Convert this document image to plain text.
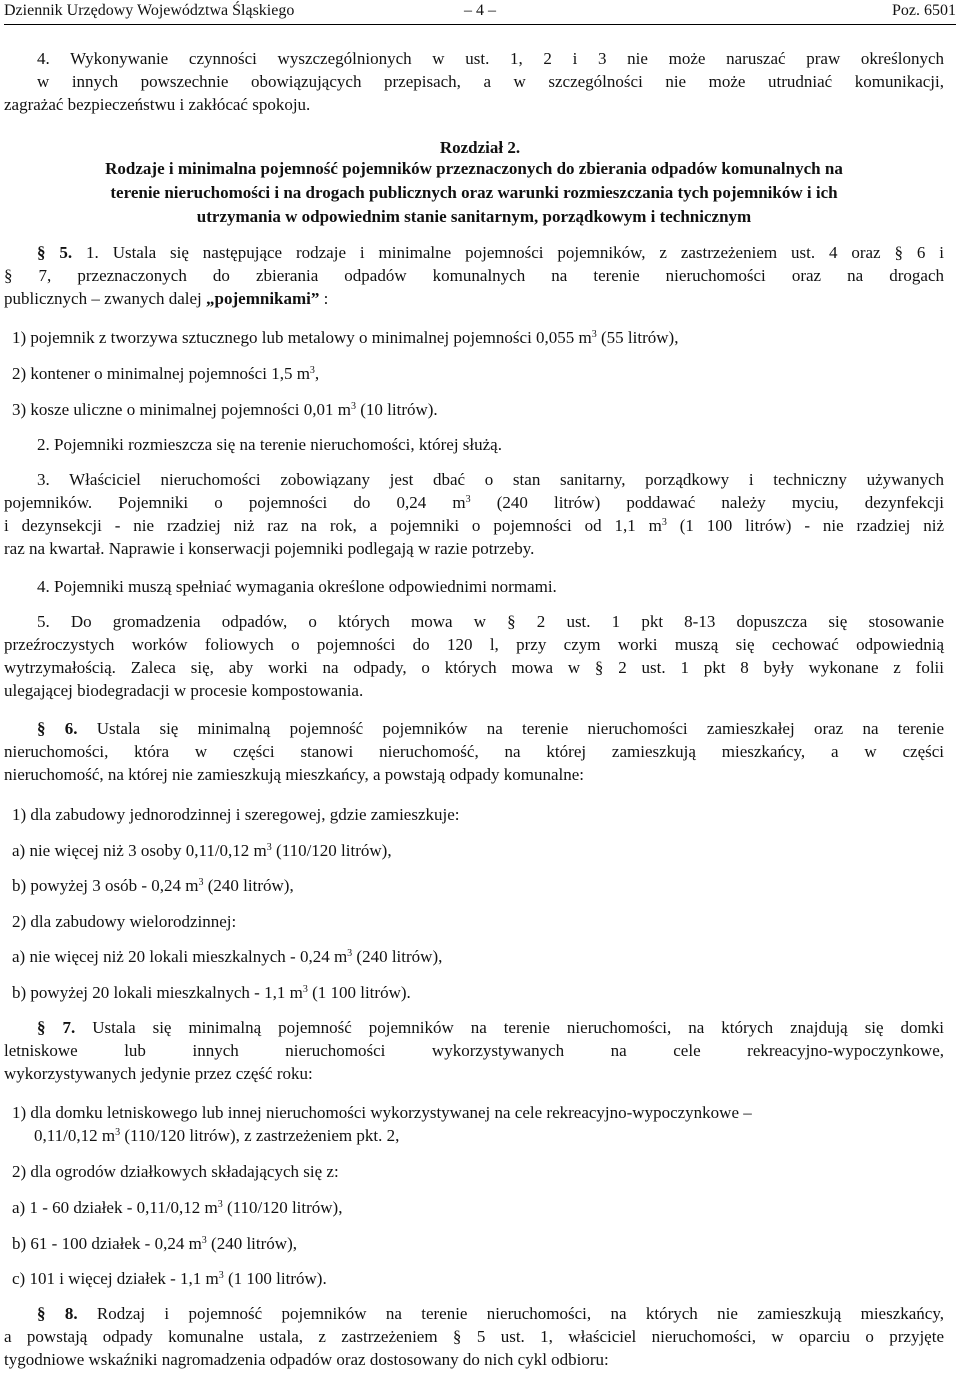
Dziennik Urzędowy Województwa Śląskiego	– 4 –	Poz. 6501
4. Wykonywanie czynności wyszczególnionych w ust. 1, 2 i 3 nie może naruszać praw określonych
w innych powszechnie obowiązujących przepisach, a w szczególności nie może utrudniać komunikacji,
zagrażać bezpieczeństwu i zakłócać spokoju.
Rozdział 2.
Rodzaje i minimalna pojemność pojemników przeznaczonych do zbierania odpadów komunalnych na
terenie nieruchomości i na drogach publicznych oraz warunki rozmieszczania tych pojemników i ich
utrzymania w odpowiednim stanie sanitarnym, porządkowym i technicznym
§ 5. 1. Ustala się następujące rodzaje i minimalne pojemności pojemników, z zastrzeżeniem ust. 4 oraz § 6 i
§ 7, przeznaczonych do zbierania odpadów komunalnych na terenie nieruchomości oraz na drogach
publicznych – zwanych dalej „pojemnikami” :
1) pojemnik z tworzywa sztucznego lub metalowy o minimalnej pojemności 0,055 $m^3$ (55 litrów),
2) kontener o minimalnej pojemności 1,5 $m^3$,
3) kosze uliczne o minimalnej pojemności 0,01 $m^3$ (10 litrów).
2. Pojemniki rozmieszcza się na terenie nieruchomości, której służą.
3. Właściciel nieruchomości zobowiązany jest dbać o stan sanitarny, porządkowy i techniczny używanych
pojemników. Pojemniki o pojemności do 0,24 $m^3$ (240 litrów) poddawać należy myciu, dezynfekcji
i dezynsekcji - nie rzadziej niż raz na rok, a pojemniki o pojemności od 1,1 $m^3$ (1 100 litrów) - nie rzadziej niż
raz na kwartał. Naprawie i konserwacji pojemniki podlegają w razie potrzeby.
4. Pojemniki muszą spełniać wymagania określone odpowiednimi normami.
5. Do gromadzenia odpadów, o których mowa w § 2 ust. 1 pkt 8-13 dopuszcza się stosowanie
przeźroczystych worków foliowych o pojemności do 120 l, przy czym worki muszą się cechować odpowiednią
wytrzymałością. Zaleca się, aby worki na odpady, o których mowa w § 2 ust. 1 pkt 8 były wykonane z folii
ulegającej biodegradacji w procesie kompostowania.
§ 6. Ustala się minimalną pojemność pojemników na terenie nieruchomości zamieszkałej oraz na terenie
nieruchomości, która w części stanowi nieruchomość, na której zamieszkują mieszkańcy, a w części
nieruchomość, na której nie zamieszkują mieszkańcy, a powstają odpady komunalne:
1) dla zabudowy jednorodzinnej i szeregowej, gdzie zamieszkuje:
a) nie więcej niż 3 osoby 0,11/0,12 $m^3$ (110/120 litrów),
b) powyżej 3 osób - 0,24 $m^3$ (240 litrów),
2) dla zabudowy wielorodzinnej:
a) nie więcej niż 20 lokali mieszkalnych - 0,24 $m^3$ (240 litrów),
b) powyżej 20 lokali mieszkalnych - 1,1 $m^3$ (1 100 litrów).
§ 7. Ustala się minimalną pojemność pojemników na terenie nieruchomości, na których znajdują się domki
letniskowe lub innych nieruchomości wykorzystywanych na cele rekreacyjno-wypoczynkowe,
wykorzystywanych jedynie przez część roku:
1) dla domku letniskowego lub innej nieruchomości wykorzystywanej na cele rekreacyjno-wypoczynkowe –
0,11/0,12 $m^3$ (110/120 litrów), z zastrzeżeniem pkt. 2,
2) dla ogrodów działkowych składających się z:
a) 1 - 60 działek - 0,11/0,12 $m^3$ (110/120 litrów),
b) 61 - 100 działek - 0,24 $m^3$ (240 litrów),
c) 101 i więcej działek - 1,1 $m^3$ (1 100 litrów).
§ 8. Rodzaj i pojemność pojemników na terenie nieruchomości, na których nie zamieszkują mieszkańcy,
a powstają odpady komunalne ustala, z zastrzeżeniem § 5 ust. 1, właściciel nieruchomości, w oparciu o przyjęte
tygodniowe wskaźniki nagromadzenia odpadów oraz dostosowany do nich cykl odbioru:
